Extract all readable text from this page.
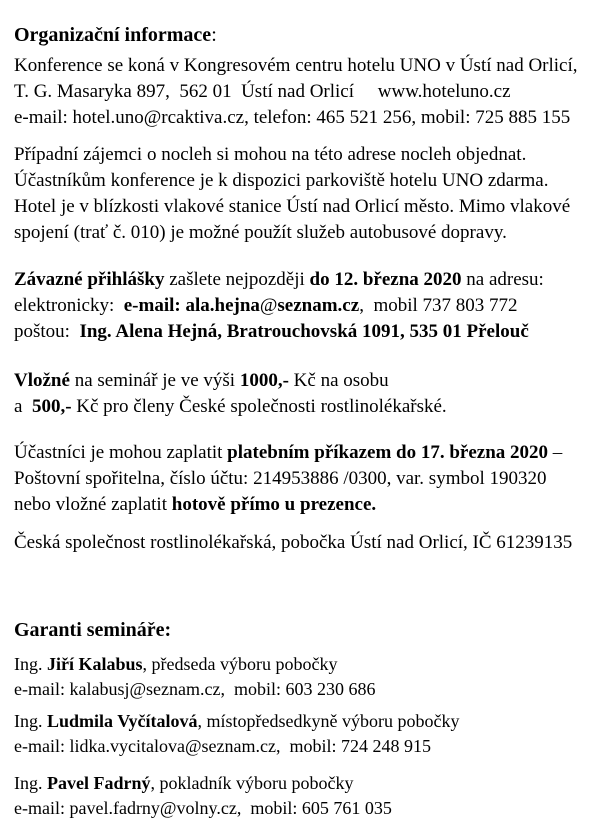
Organizační informace:
Konference se koná v Kongresovém centru hotelu UNO v Ústí nad Orlicí,
T. G. Masaryka 897,  562 01  Ústí nad Orlicí     www.hoteluno.cz
e-mail: hotel.uno@rcaktiva.cz, telefon: 465 521 256, mobil: 725 885 155
Případní zájemci o nocleh si mohou na této adrese nocleh objednat.
Účastníkům konference je k dispozici parkoviště hotelu UNO zdarma.
Hotel je v blízkosti vlakové stanice Ústí nad Orlicí město. Mimo vlakové
spojení (trať č. 010) je možné použít služeb autobusové dopravy.
Závazné přihlášky zašlete nejpozději do 12. března 2020 na adresu:
elektronicky:  e-mail: ala.hejna@seznam.cz,  mobil 737 803 772
poštou:  Ing. Alena Hejná, Bratrouchovská 1091, 535 01 Přelouč
Vložné na seminář je ve výši 1000,- Kč na osobu
a  500,- Kč pro členy České společnosti rostlinolékařské.
Účastníci je mohou zaplatit platebním příkazem do 17. března 2020 –
Poštovní spořitelna, číslo účtu: 214953886 /0300, var. symbol 190320
nebo vložné zaplatit hotově přímo u prezence.
Česká společnost rostlinolékařská, pobočka Ústí nad Orlicí, IČ 61239135
Garanti semináře:
Ing. Jiří Kalabus, předseda výboru pobočky
e-mail: kalabusj@seznam.cz,  mobil: 603 230 686
Ing. Ludmila Vyčítalová, místopředsedkyně výboru pobočky
e-mail: lidka.vycitalova@seznam.cz,  mobil: 724 248 915
Ing. Pavel Fadrný, pokladník výboru pobočky
e-mail: pavel.fadrny@volny.cz,  mobil: 605 761 035
